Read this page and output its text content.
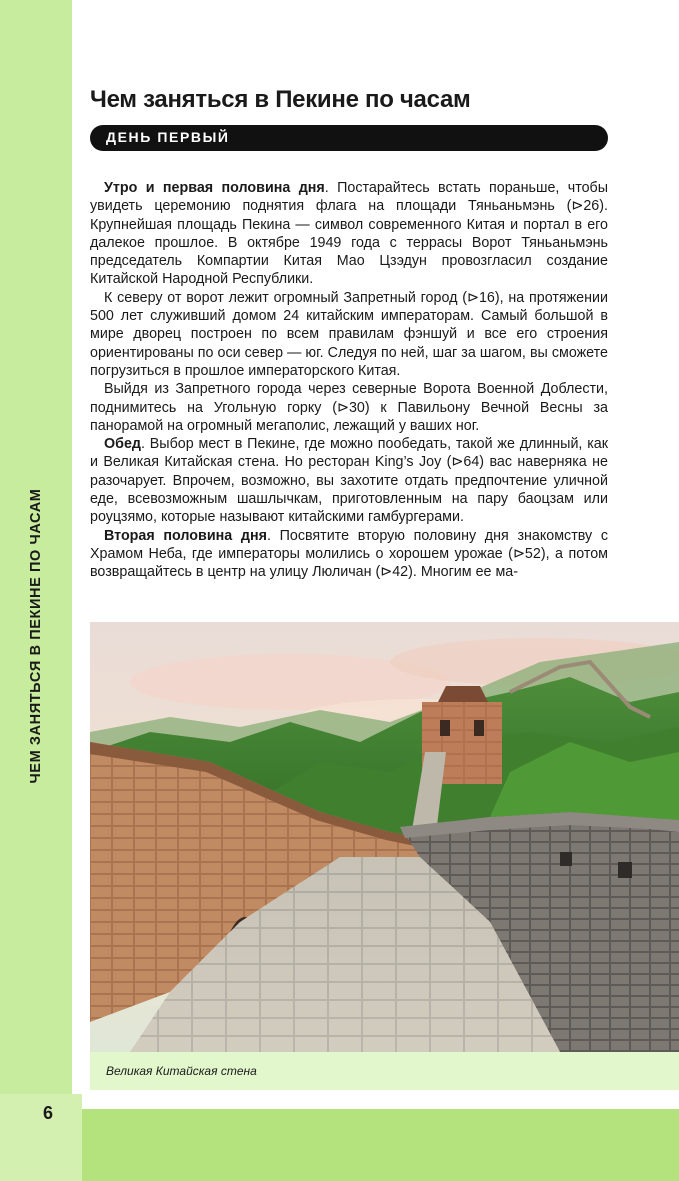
ЧЕМ ЗАНЯТЬСЯ В ПЕКИНЕ ПО ЧАСАМ
6
Чем заняться в Пекине по часам
ДЕНЬ ПЕРВЫЙ

Утро и первая половина дня. Постарайтесь встать пораньше, чтобы увидеть церемонию поднятия флага на площади Тяньаньмэнь (⊳26). Крупнейшая площадь Пекина — символ современного Китая и портал в его далекое прошлое. В октябре 1949 года с террасы Ворот Тяньаньмэнь председатель Компартии Китая Мао Цзэдун провозгласил создание Китайской Народной Республики.

К северу от ворот лежит огромный Запретный город (⊳16), на протяжении 500 лет служивший домом 24 китайским императорам. Самый большой в мире дворец построен по всем правилам фэншуй и все его строения ориентированы по оси север — юг. Следуя по ней, шаг за шагом, вы сможете погрузиться в прошлое императорского Китая.

Выйдя из Запретного города через северные Ворота Военной Доблести, поднимитесь на Угольную горку (⊳30) к Павильону Вечной Весны за панорамой на огромный мегаполис, лежащий у ваших ног.

Обед. Выбор мест в Пекине, где можно пообедать, такой же длинный, как и Великая Китайская стена. Но ресторан King’s Joy (⊳64) вас наверняка не разочарует. Впрочем, возможно, вы захотите отдать предпочтение уличной еде, всевозможным шашлычкам, приготовленным на пару баоцзам или роуцзямо, которые называют китайскими гамбургерами.

Вторая половина дня. Посвятите вторую половину дня знакомству с Храмом Неба, где императоры молились о хорошем урожае (⊳52), а потом возвращайтесь в центр на улицу Люличан (⊳42). Многим ее ма-

Великая Китайская стена
